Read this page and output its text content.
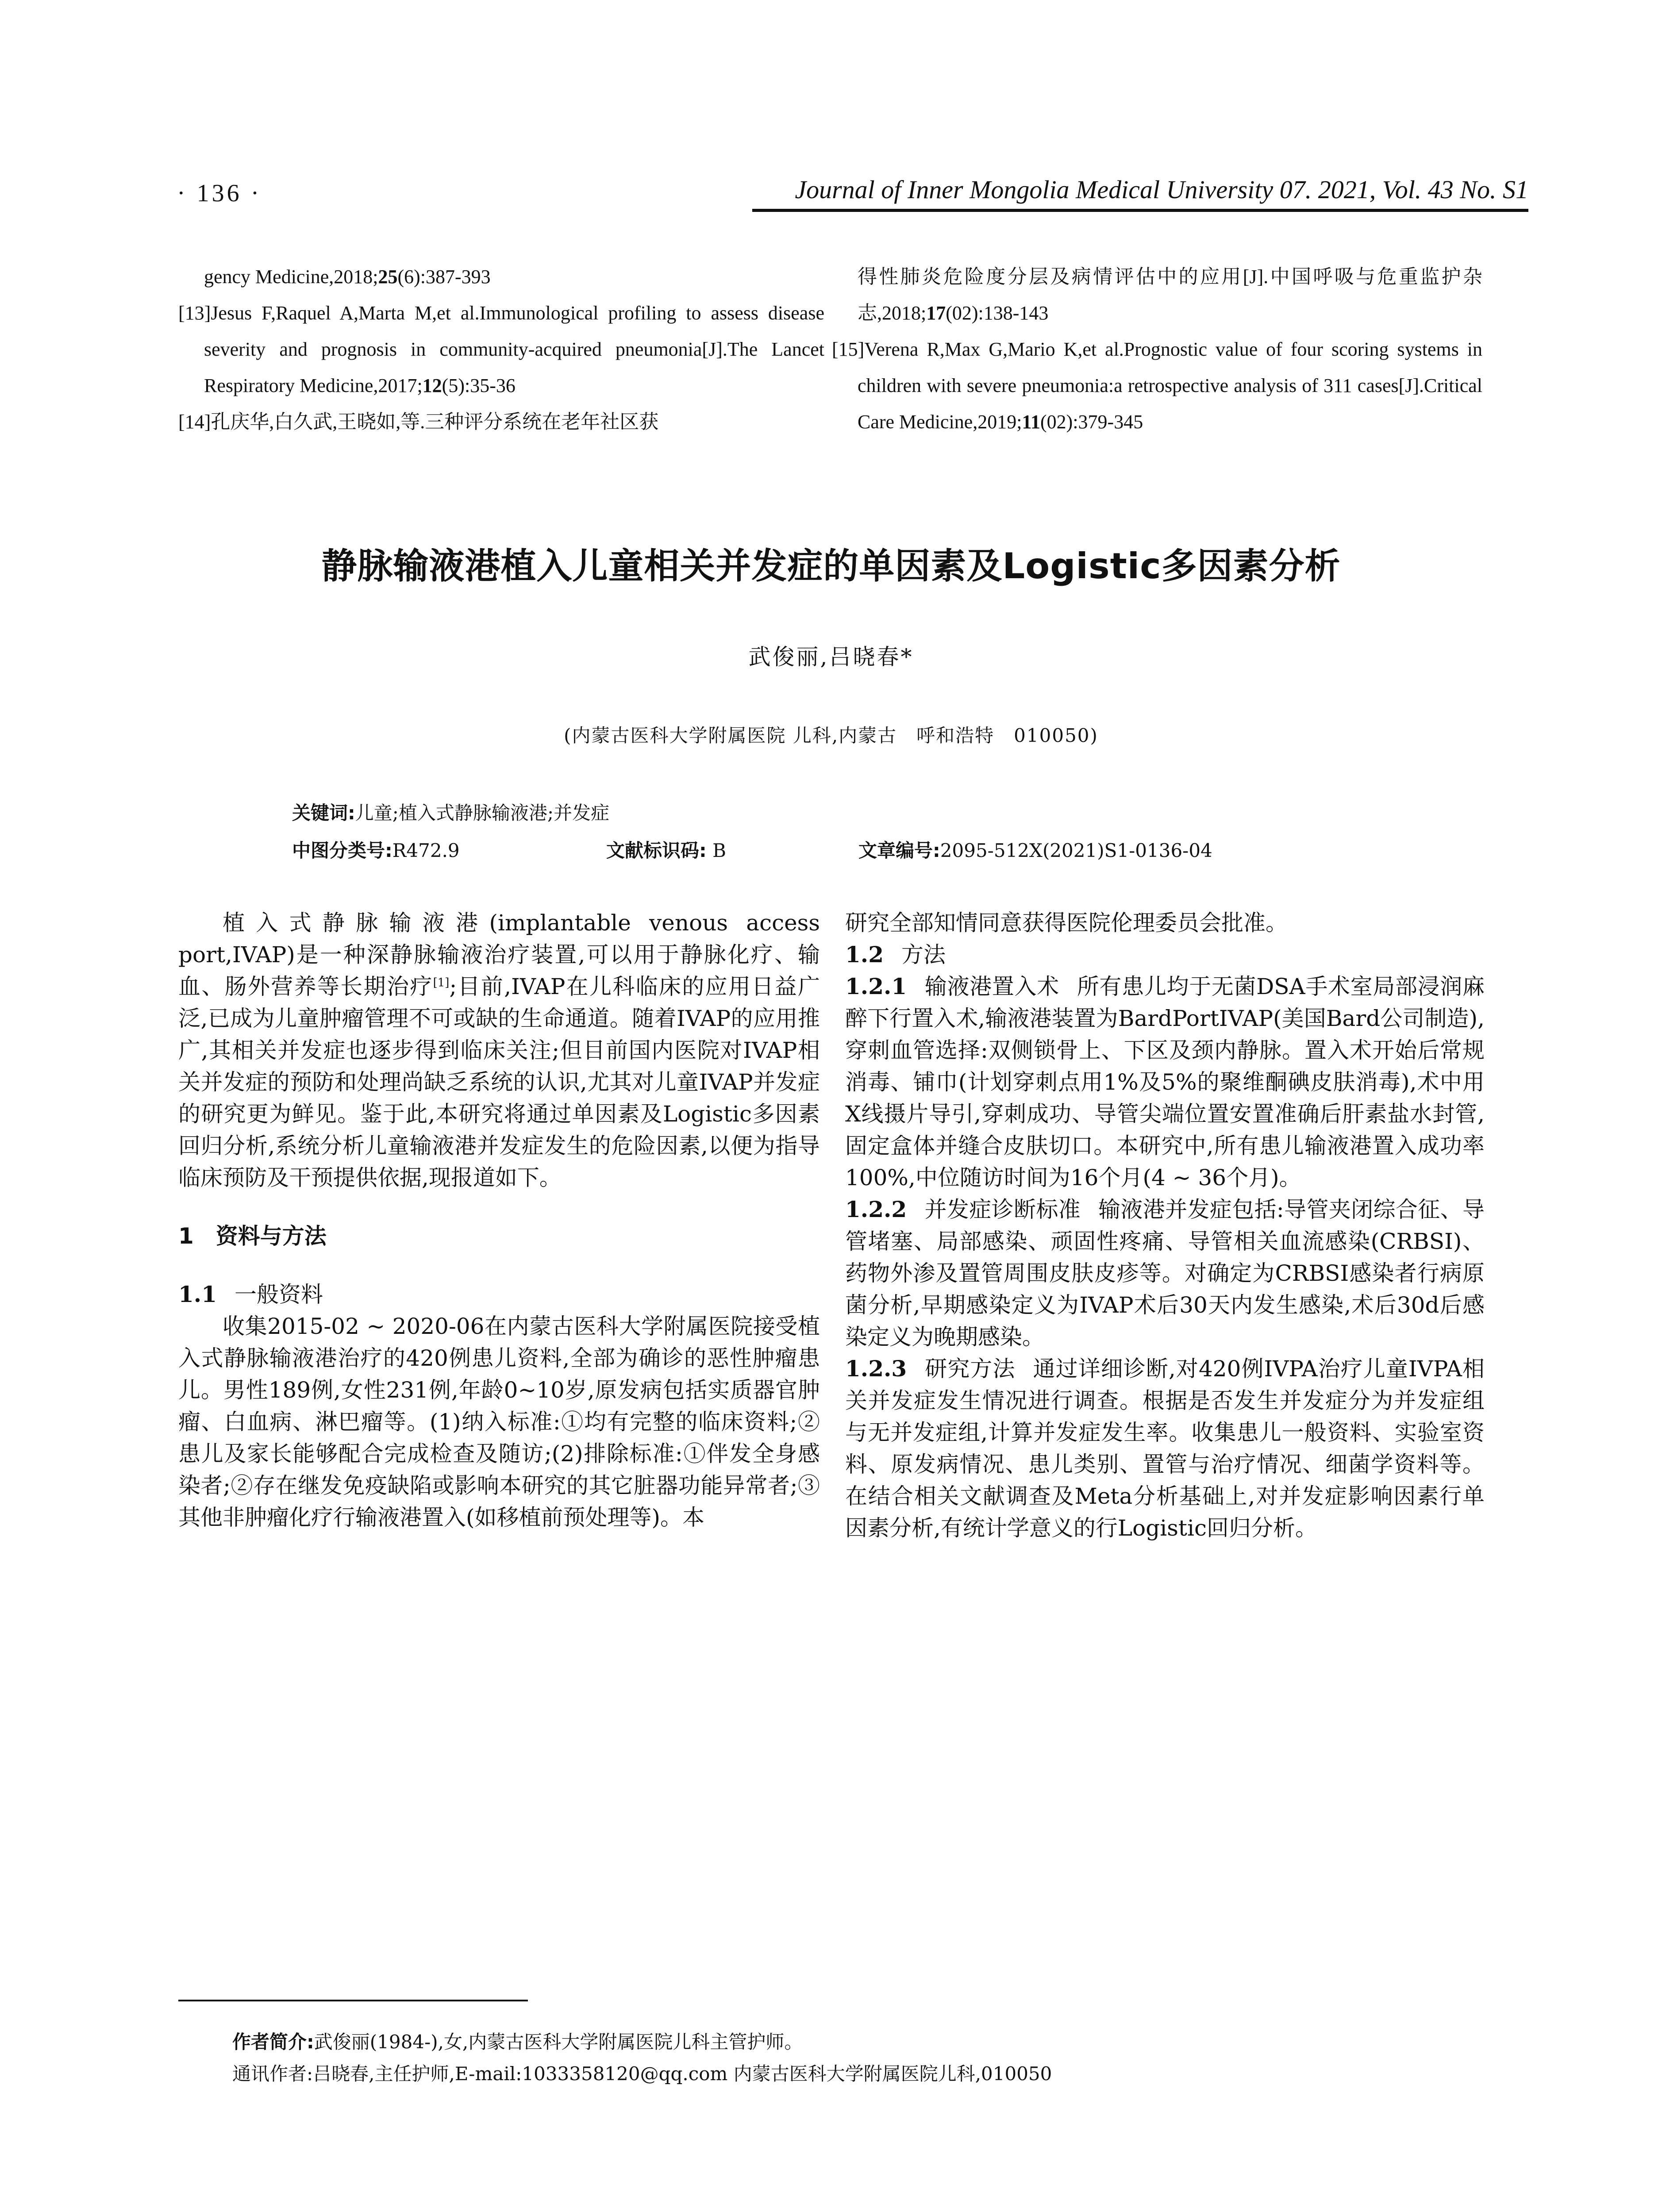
· 136 ·	Journal of Inner Mongolia Medical University 07. 2021, Vol. 43 No. S1
gency Medicine,2018;25(6):387-393
[13]Jesus F,Raquel A,Marta M,et al.Immunological profiling to assess disease severity and prognosis in community-acquired pneumonia[J].The Lancet Respiratory Medicine,2017;12(5):35-36
[14]孔庆华,白久武,王晓如,等.三种评分系统在老年社区获
得性肺炎危险度分层及病情评估中的应用[J].中国呼吸与危重监护杂志,2018;17(02):138-143
[15]Verena R,Max G,Mario K,et al.Prognostic value of four scoring systems in children with severe pneumonia:a retrospective analysis of 311 cases[J].Critical Care Medicine,2019;11(02):379-345
静脉输液港植入儿童相关并发症的单因素及Logistic多因素分析
武俊丽,吕晓春*
(内蒙古医科大学附属医院 儿科,内蒙古　呼和浩特　010050)
关键词:儿童;植入式静脉输液港;并发症
中图分类号:R472.9	文献标识码: B	文章编号:2095-512X(2021)S1-0136-04

植入式静脉输液港(implantable venous access port,IVAP)是一种深静脉输液治疗装置,可以用于静脉化疗、输血、肠外营养等长期治疗[1];目前,IVAP在儿科临床的应用日益广泛,已成为儿童肿瘤管理不可或缺的生命通道。随着IVAP的应用推广,其相关并发症也逐步得到临床关注;但目前国内医院对IVAP相关并发症的预防和处理尚缺乏系统的认识,尤其对儿童IVAP并发症的研究更为鲜见。鉴于此,本研究将通过单因素及Logistic多因素回归分析,系统分析儿童输液港并发症发生的危险因素,以便为指导临床预防及干预提供依据,现报道如下。

1　资料与方法

1.1 一般资料

收集2015-02 ~ 2020-06在内蒙古医科大学附属医院接受植入式静脉输液港治疗的420例患儿资料,全部为确诊的恶性肿瘤患儿。男性189例,女性231例,年龄0~10岁,原发病包括实质器官肿瘤、白血病、淋巴瘤等。(1)纳入标准:①均有完整的临床资料;②患儿及家长能够配合完成检查及随访;(2)排除标准:①伴发全身感染者;②存在继发免疫缺陷或影响本研究的其它脏器功能异常者;③其他非肿瘤化疗行输液港置入(如移植前预处理等)。本

研究全部知情同意获得医院伦理委员会批准。

1.2 方法

1.2.1 输液港置入术 所有患儿均于无菌DSA手术室局部浸润麻醉下行置入术,输液港装置为BardPortIVAP(美国Bard公司制造),穿刺血管选择:双侧锁骨上、下区及颈内静脉。置入术开始后常规消毒、铺巾(计划穿刺点用1%及5%的聚维酮碘皮肤消毒),术中用X线摄片导引,穿刺成功、导管尖端位置安置准确后肝素盐水封管,固定盒体并缝合皮肤切口。本研究中,所有患儿输液港置入成功率100%,中位随访时间为16个月(4 ~ 36个月)。

1.2.2 并发症诊断标准 输液港并发症包括:导管夹闭综合征、导管堵塞、局部感染、顽固性疼痛、导管相关血流感染(CRBSI)、药物外渗及置管周围皮肤皮疹等。对确定为CRBSI感染者行病原菌分析,早期感染定义为IVAP术后30天内发生感染,术后30d后感染定义为晚期感染。

1.2.3 研究方法 通过详细诊断,对420例IVPA治疗儿童IVPA相关并发症发生情况进行调查。根据是否发生并发症分为并发症组与无并发症组,计算并发症发生率。收集患儿一般资料、实验室资料、原发病情况、患儿类别、置管与治疗情况、细菌学资料等。在结合相关文献调查及Meta分析基础上,对并发症影响因素行单因素分析,有统计学意义的行Logistic回归分析。

作者简介:武俊丽(1984-),女,内蒙古医科大学附属医院儿科主管护师。
通讯作者:吕晓春,主任护师,E-mail:1033358120@qq.com 内蒙古医科大学附属医院儿科,010050
